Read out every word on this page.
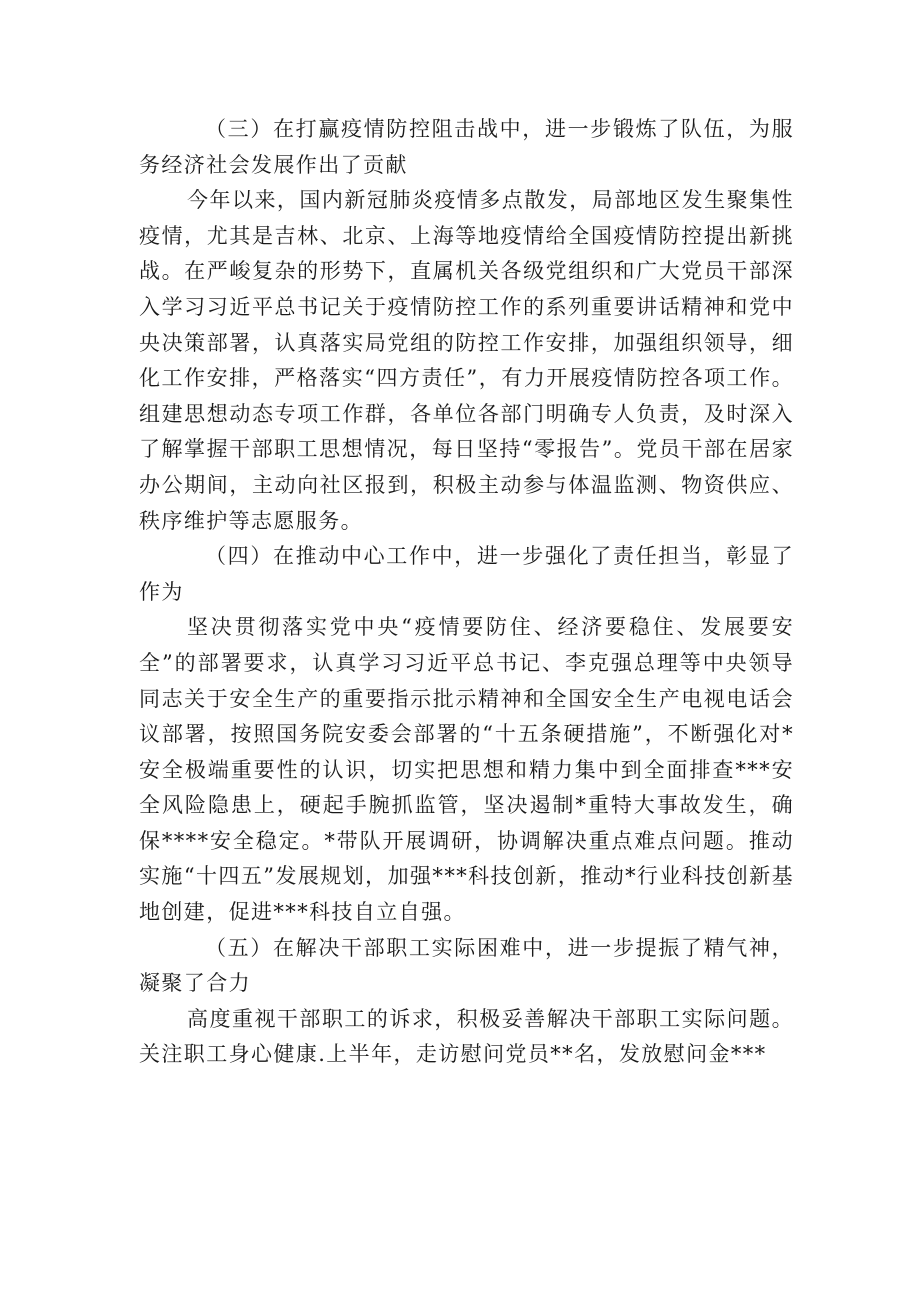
（三）在打赢疫情防控阻击战中，进一步锻炼了队伍，为服务经济社会发展作出了贡献

今年以来，国内新冠肺炎疫情多点散发，局部地区发生聚集性疫情，尤其是吉林、北京、上海等地疫情给全国疫情防控提出新挑战。在严峻复杂的形势下，直属机关各级党组织和广大党员干部深入学习习近平总书记关于疫情防控工作的系列重要讲话精神和党中央决策部署，认真落实局党组的防控工作安排，加强组织领导，细化工作安排，严格落实“四方责任”，有力开展疫情防控各项工作。组建思想动态专项工作群，各单位各部门明确专人负责，及时深入了解掌握干部职工思想情况，每日坚持“零报告”。党员干部在居家办公期间，主动向社区报到，积极主动参与体温监测、物资供应、秩序维护等志愿服务。

（四）在推动中心工作中，进一步强化了责任担当，彰显了作为

坚决贯彻落实党中央“疫情要防住、经济要稳住、发展要安全”的部署要求，认真学习习近平总书记、李克强总理等中央领导同志关于安全生产的重要指示批示精神和全国安全生产电视电话会议部署，按照国务院安委会部署的“十五条硬措施”，不断强化对*安全极端重要性的认识，切实把思想和精力集中到全面排查***安全风险隐患上，硬起手腕抓监管，坚决遏制*重特大事故发生，确保****安全稳定。*带队开展调研，协调解决重点难点问题。推动实施“十四五”发展规划，加强***科技创新，推动*行业科技创新基地创建，促进***科技自立自强。

（五）在解决干部职工实际困难中，进一步提振了精气神，凝聚了合力

高度重视干部职工的诉求，积极妥善解决干部职工实际问题。关注职工身心健康.上半年，走访慰问党员**名，发放慰问金***
